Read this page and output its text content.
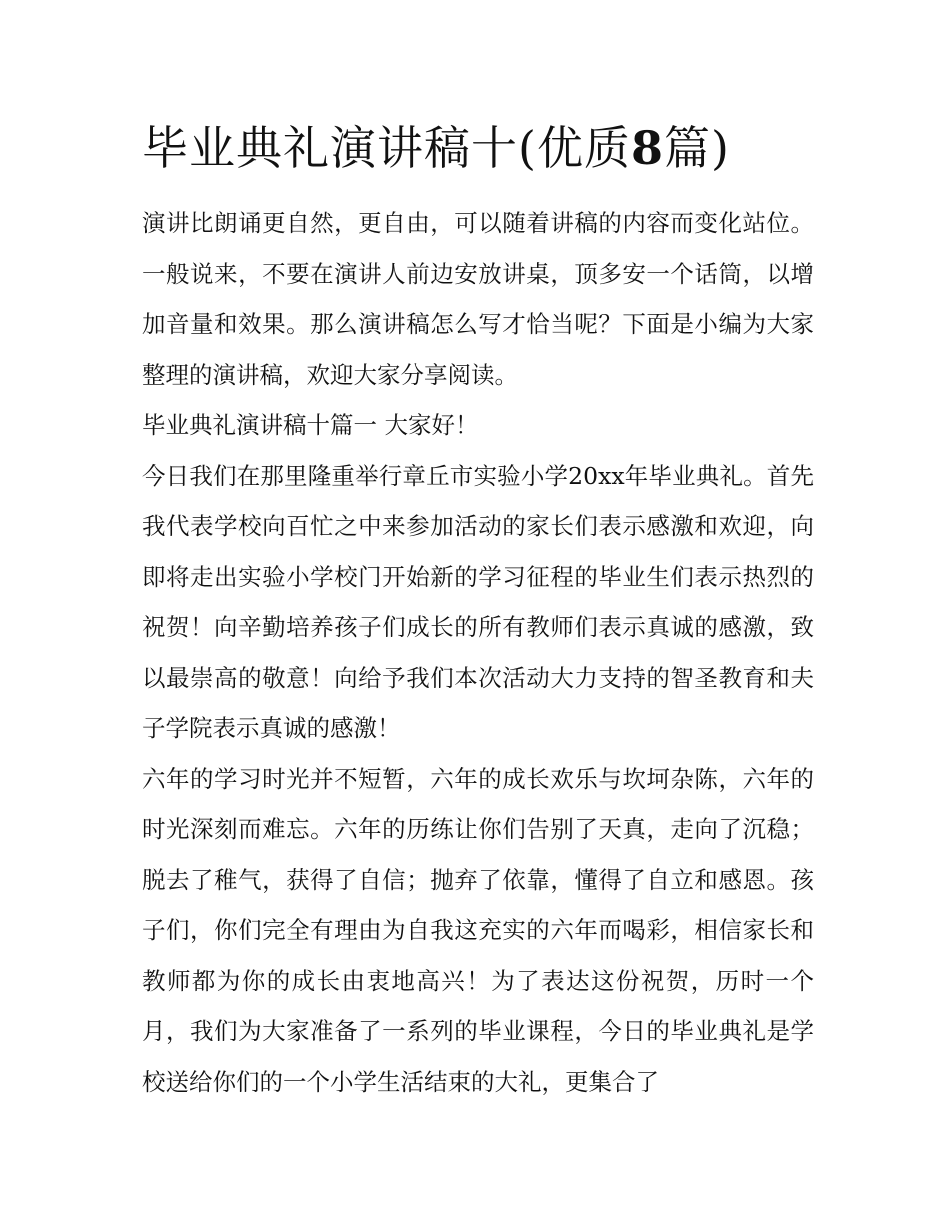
毕业典礼演讲稿十(优质8篇)

演讲比朗诵更自然，更自由，可以随着讲稿的内容而变化站位。一般说来，不要在演讲人前边安放讲桌，顶多安一个话筒，以增加音量和效果。那么演讲稿怎么写才恰当呢？下面是小编为大家整理的演讲稿，欢迎大家分享阅读。

毕业典礼演讲稿十篇一 大家好！

今日我们在那里隆重举行章丘市实验小学20xx年毕业典礼。首先我代表学校向百忙之中来参加活动的家长们表示感激和欢迎，向即将走出实验小学校门开始新的学习征程的毕业生们表示热烈的祝贺！向辛勤培养孩子们成长的所有教师们表示真诚的感激，致以最崇高的敬意！向给予我们本次活动大力支持的智圣教育和夫子学院表示真诚的感激！

六年的学习时光并不短暂，六年的成长欢乐与坎坷杂陈，六年的时光深刻而难忘。六年的历练让你们告别了天真，走向了沉稳；脱去了稚气，获得了自信；抛弃了依靠，懂得了自立和感恩。孩子们，你们完全有理由为自我这充实的六年而喝彩，相信家长和教师都为你的成长由衷地高兴！为了表达这份祝贺，历时一个月，我们为大家准备了一系列的毕业课程，今日的毕业典礼是学校送给你们的一个小学生活结束的大礼，更集合了
